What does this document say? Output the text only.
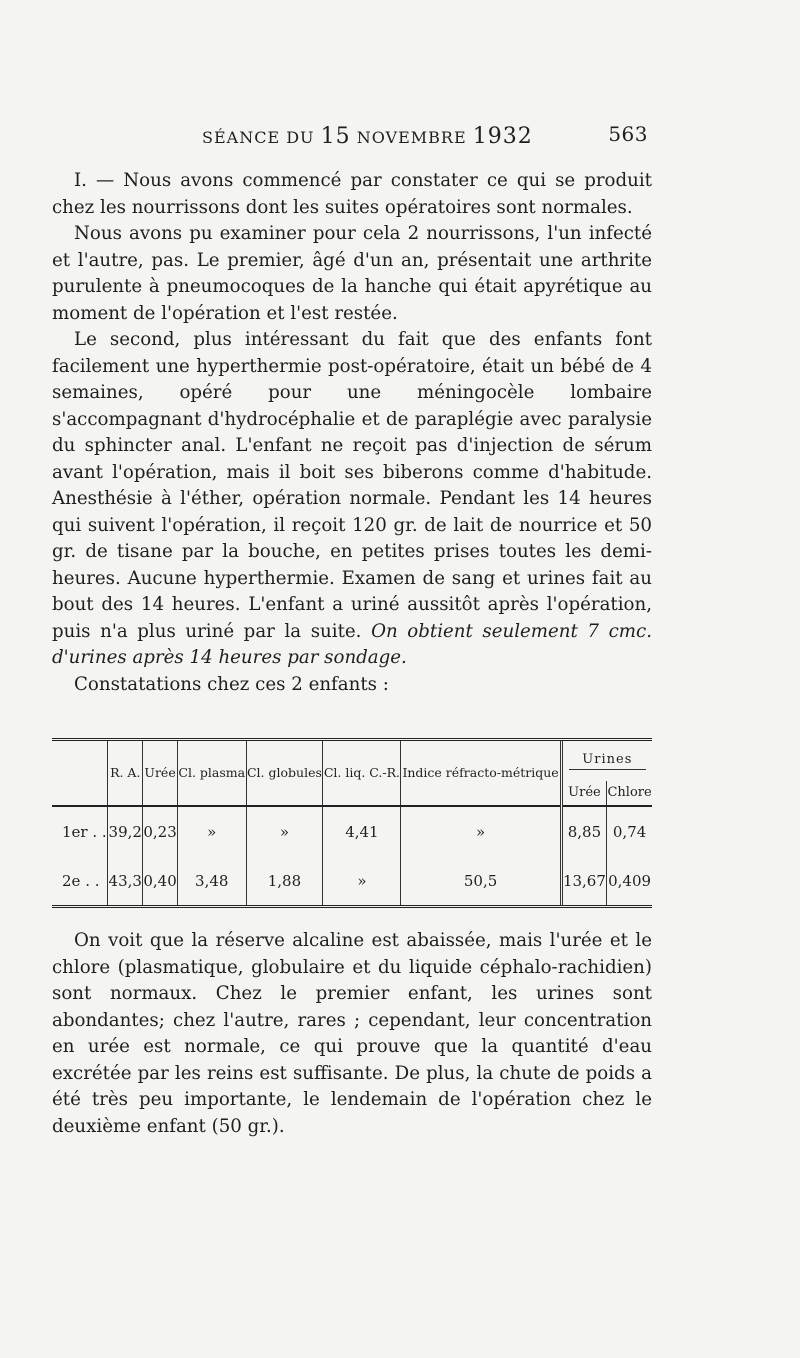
SÉANCE DU 15 NOVEMBRE 1932	563

I. — Nous avons commencé par constater ce qui se produit chez les nourrissons dont les suites opératoires sont normales.

Nous avons pu examiner pour cela 2 nourrissons, l'un infecté et l'autre, pas. Le premier, âgé d'un an, présentait une arthrite purulente à pneumocoques de la hanche qui était apyrétique au moment de l'opération et l'est restée.

Le second, plus intéressant du fait que des enfants font facilement une hyperthermie post-opératoire, était un bébé de 4 semaines, opéré pour une méningocèle lombaire s'accompagnant d'hydrocéphalie et de paraplégie avec paralysie du sphincter anal. L'enfant ne reçoit pas d'injection de sérum avant l'opération, mais il boit ses biberons comme d'habitude. Anesthésie à l'éther, opération normale. Pendant les 14 heures qui suivent l'opération, il reçoit 120 gr. de lait de nourrice et 50 gr. de tisane par la bouche, en petites prises toutes les demi-heures. Aucune hyperthermie. Examen de sang et urines fait au bout des 14 heures. L'enfant a uriné aussitôt après l'opération, puis n'a plus uriné par la suite. On obtient seulement 7 cmc. d'urines après 14 heures par sondage.

Constatations chez ces 2 enfants :

	R. A.	Urée	Cl. plasma	Cl. globules	Cl. liq. C.-R.	Indice réfracto-métrique	Urines	

							Urée	Chlore
1er . .	39,2	0,23	»	»	4,41	»	8,85	0,74
2e . .	43,3	0,40	3,48	1,88	»	50,5	13,67	0,409

On voit que la réserve alcaline est abaissée, mais l'urée et le chlore (plasmatique, globulaire et du liquide céphalo-rachidien) sont normaux. Chez le premier enfant, les urines sont abondantes; chez l'autre, rares ; cependant, leur concentration en urée est normale, ce qui prouve que la quantité d'eau excrétée par les reins est suffisante. De plus, la chute de poids a été très peu importante, le lendemain de l'opération chez le deuxième enfant (50 gr.).
